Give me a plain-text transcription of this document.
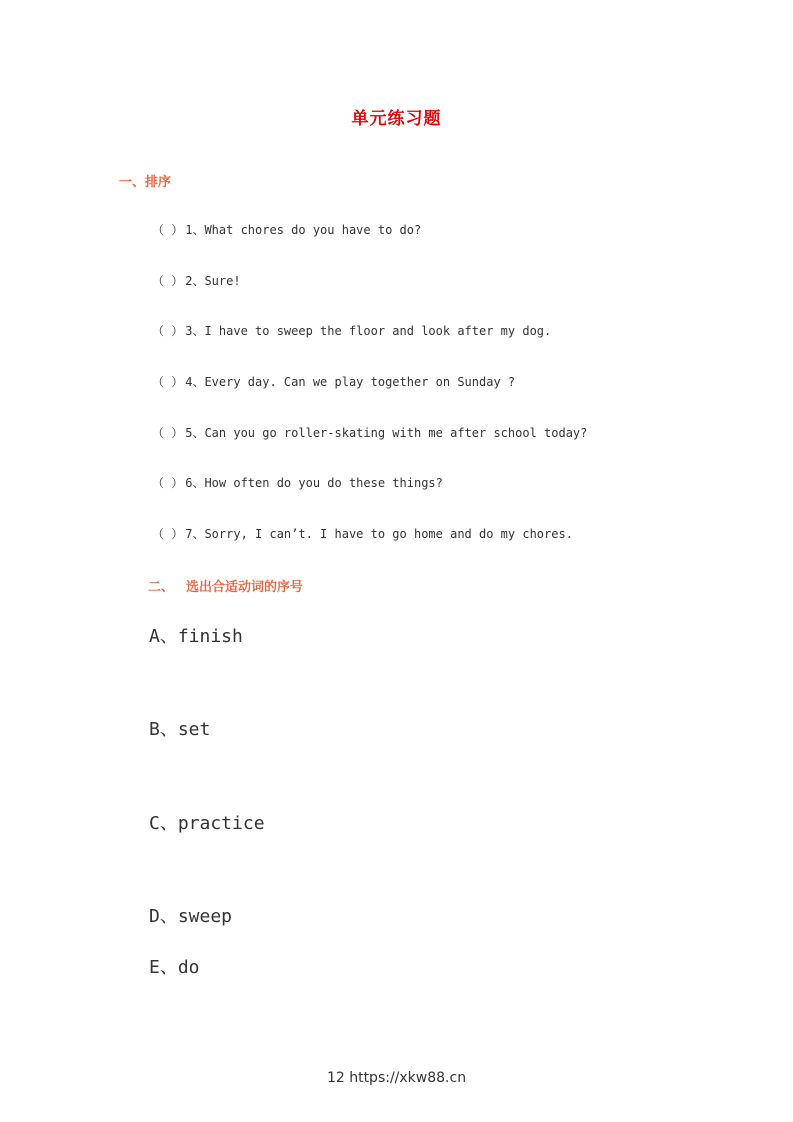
单元练习题
一、排序
（ ） 1、What chores do you have to do?
（ ） 2、Sure!
（ ） 3、I have to sweep the floor and look after my dog.
（ ） 4、Every day. Can we play together on Sunday ?
（ ） 5、Can you go roller-skating with me after school today?
（ ） 6、How often do you do these things?
（ ） 7、Sorry, I can’t. I have to go home and do my chores.
二、 选出合适动词的序号
A、finish
B、set
C、practice
D、sweep
E、do
12 https://xkw88.cn
